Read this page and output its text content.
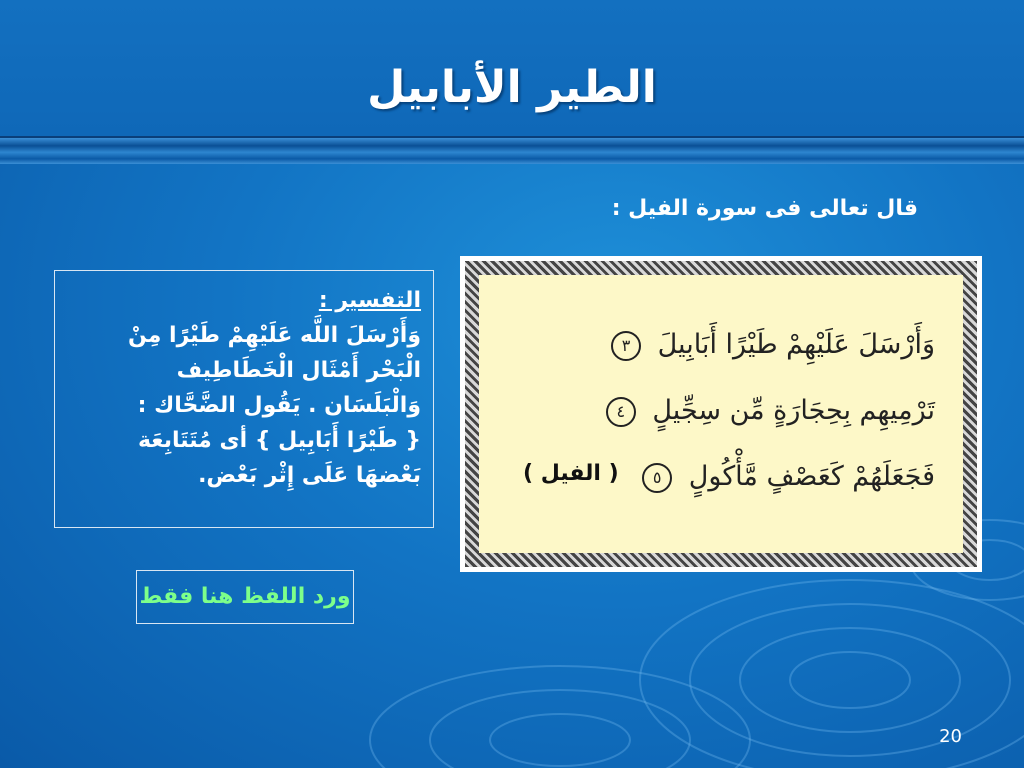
الطير الأبابيل
قال تعالى فى سورة الفيل :
التفسير :
وَأَرْسَلَ اللَّه عَلَيْهِمْ طَيْرًا مِنْ
الْبَحْر أَمْثَال الْخَطَاطِيف
وَالْبَلَسَان . يَقُول الضَّحَّاك :
{ طَيْرًا أَبَابِيل } أى مُتَتَابِعَة
بَعْضهَا عَلَى إِثْر بَعْض.
وَأَرْسَلَ عَلَيْهِمْ طَيْرًا أَبَابِيلَ ٣
تَرْمِيهِم بِحِجَارَةٍ مِّن سِجِّيلٍ ٤
فَجَعَلَهُمْ كَعَصْفٍ مَّأْكُولٍ ٥
( الفيل )
ورد اللفظ هنا فقط
20
